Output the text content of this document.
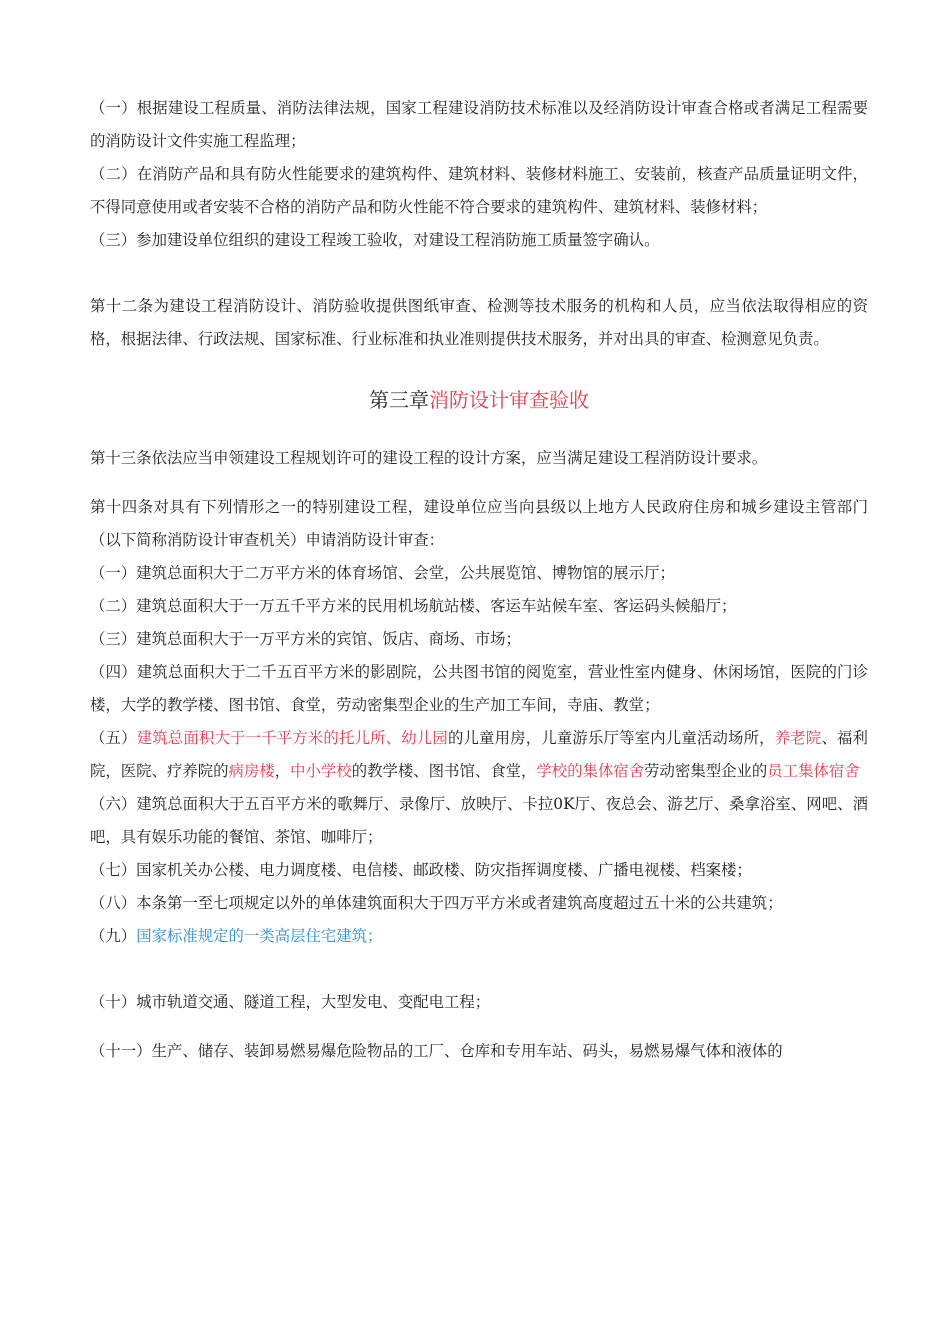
（一）根据建设工程质量、消防法律法规，国家工程建设消防技术标准以及经消防设计审查合格或者满足工程需要的消防设计文件实施工程监理；

（二）在消防产品和具有防火性能要求的建筑构件、建筑材料、装修材料施工、安装前，核查产品质量证明文件，不得同意使用或者安装不合格的消防产品和防火性能不符合要求的建筑构件、建筑材料、装修材料；

（三）参加建设单位组织的建设工程竣工验收，对建设工程消防施工质量签字确认。

第十二条为建设工程消防设计、消防验收提供图纸审查、检测等技术服务的机构和人员，应当依法取得相应的资格，根据法律、行政法规、国家标准、行业标准和执业准则提供技术服务，并对出具的审查、检测意见负责。

第三章消防设计审查验收

第十三条依法应当申领建设工程规划许可的建设工程的设计方案，应当满足建设工程消防设计要求。

第十四条对具有下列情形之一的特别建设工程，建设单位应当向县级以上地方人民政府住房和城乡建设主管部门（以下简称消防设计审查机关）申请消防设计审查：

（一）建筑总面积大于二万平方米的体育场馆、会堂，公共展览馆、博物馆的展示厅；

（二）建筑总面积大于一万五千平方米的民用机场航站楼、客运车站候车室、客运码头候船厅；

（三）建筑总面积大于一万平方米的宾馆、饭店、商场、市场；

（四）建筑总面积大于二千五百平方米的影剧院，公共图书馆的阅览室，营业性室内健身、休闲场馆，医院的门诊楼，大学的教学楼、图书馆、食堂，劳动密集型企业的生产加工车间，寺庙、教堂；

（五）建筑总面积大于一千平方米的托儿所、幼儿园的儿童用房，儿童游乐厅等室内儿童活动场所，养老院、福利院，医院、疗养院的病房楼，中小学校的教学楼、图书馆、食堂，学校的集体宿舍劳动密集型企业的员工集体宿舍

（六）建筑总面积大于五百平方米的歌舞厅、录像厅、放映厅、卡拉0K厅、夜总会、游艺厅、桑拿浴室、网吧、酒吧，具有娱乐功能的餐馆、茶馆、咖啡厅；

（七）国家机关办公楼、电力调度楼、电信楼、邮政楼、防灾指挥调度楼、广播电视楼、档案楼；

（八）本条第一至七项规定以外的单体建筑面积大于四万平方米或者建筑高度超过五十米的公共建筑；

（九）国家标准规定的一类高层住宅建筑；

（十）城市轨道交通、隧道工程，大型发电、变配电工程；

（十一）生产、储存、装卸易燃易爆危险物品的工厂、仓库和专用车站、码头，易燃易爆气体和液体的
